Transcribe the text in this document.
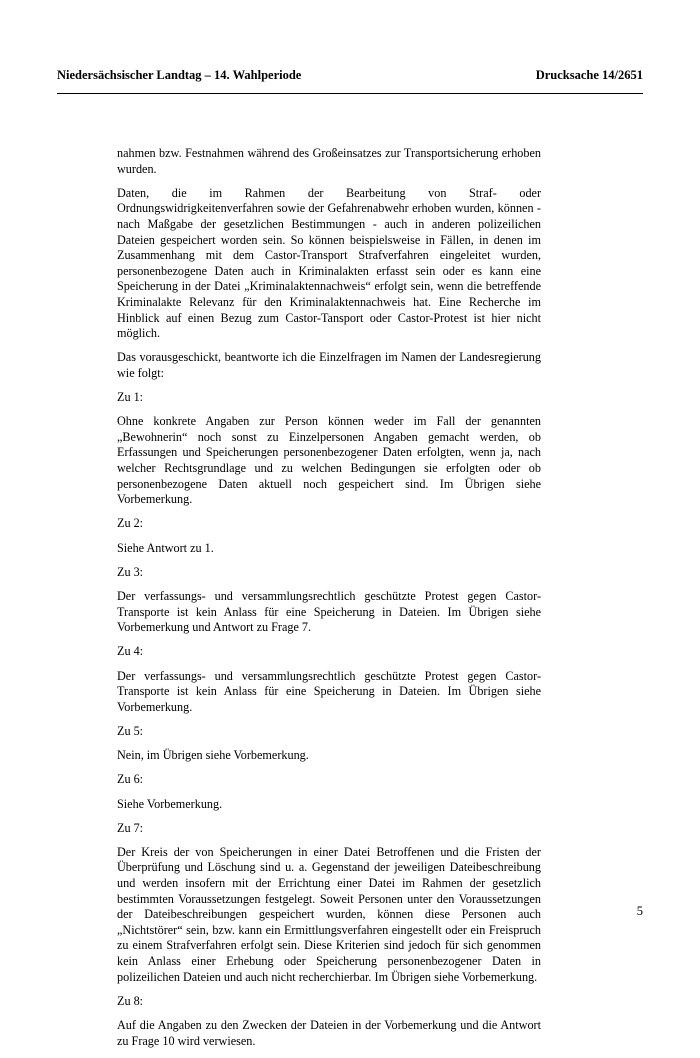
Niedersächsischer Landtag – 14. Wahlperiode	Drucksache 14/2651

nahmen bzw. Festnahmen während des Großeinsatzes zur Transportsicherung erhoben wurden.

Daten, die im Rahmen der Bearbeitung von Straf- oder Ordnungswidrigkeitenverfahren sowie der Gefahrenabwehr erhoben wurden, können - nach Maßgabe der gesetzlichen Bestimmungen - auch in anderen polizeilichen Dateien gespeichert worden sein. So können beispielsweise in Fällen, in denen im Zusammenhang mit dem Castor-Transport Strafverfahren eingeleitet wurden, personenbezogene Daten auch in Kriminalakten erfasst sein oder es kann eine Speicherung in der Datei „Kriminalaktennachweis“ erfolgt sein, wenn die betreffende Kriminalakte Relevanz für den Kriminalaktennachweis hat. Eine Recherche im Hinblick auf einen Bezug zum Castor-Tansport oder Castor-Protest ist hier nicht möglich.

Das vorausgeschickt, beantworte ich die Einzelfragen im Namen der Landesregierung wie folgt:

Zu 1:

Ohne konkrete Angaben zur Person können weder im Fall der genannten „Bewohnerin“ noch sonst zu Einzelpersonen Angaben gemacht werden, ob Erfassungen und Speicherungen personenbezogener Daten erfolgten, wenn ja, nach welcher Rechtsgrundlage und zu welchen Bedingungen sie erfolgten oder ob personenbezogene Daten aktuell noch gespeichert sind. Im Übrigen siehe Vorbemerkung.

Zu 2:

Siehe Antwort zu 1.

Zu 3:

Der verfassungs- und versammlungsrechtlich geschützte Protest gegen Castor-Transporte ist kein Anlass für eine Speicherung in Dateien. Im Übrigen siehe Vorbemerkung und Antwort zu Frage 7.

Zu 4:

Der verfassungs- und versammlungsrechtlich geschützte Protest gegen Castor-Transporte ist kein Anlass für eine Speicherung in Dateien. Im Übrigen siehe Vorbemerkung.

Zu 5:

Nein, im Übrigen siehe Vorbemerkung.

Zu 6:

Siehe Vorbemerkung.

Zu 7:

Der Kreis der von Speicherungen in einer Datei Betroffenen und die Fristen der Überprüfung und Löschung sind u. a. Gegenstand der jeweiligen Dateibeschreibung und werden insofern mit der Errichtung einer Datei im Rahmen der gesetzlich bestimmten Voraussetzungen festgelegt. Soweit Personen unter den Voraussetzungen der Dateibeschreibungen gespeichert wurden, können diese Personen auch „Nichtstörer“ sein, bzw. kann ein Ermittlungsverfahren eingestellt oder ein Freispruch zu einem Strafverfahren erfolgt sein. Diese Kriterien sind jedoch für sich genommen kein Anlass einer Erhebung oder Speicherung personenbezogener Daten in polizeilichen Dateien und auch nicht recherchierbar. Im Übrigen siehe Vorbemerkung.

Zu 8:

Auf die Angaben zu den Zwecken der Dateien in der Vorbemerkung und die Antwort zu Frage 10 wird verwiesen.

5
